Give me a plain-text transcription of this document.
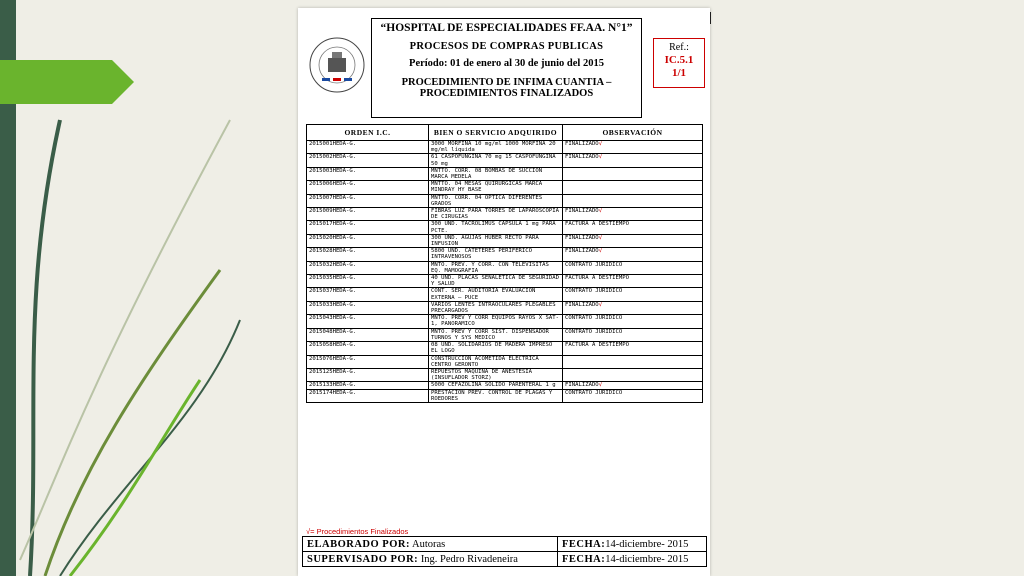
“HOSPITAL DE ESPECIALIDADES FF.AA. N°1”
PROCESOS DE COMPRAS PUBLICAS
Período: 01 de enero al 30 de junio del 2015
PROCEDIMIENTO DE INFIMA CUANTIA –
PROCEDIMIENTOS FINALIZADOS
Ref.:
IC.5.1
1/1
ORDEN I.C.	BIEN O SERVICIO ADQUIRIDO	OBSERVACIÓN
2015001HEDA-G.	3000 MORFINA 10 mg/ml 1000 MORFINA 20 mg/ml líquida	FINALIZADO√
2015002HEDA-G.	61 CASPOFUNGINA 70 mg 15 CASPOFUNGINA 50 mg	FINALIZADO√
2015003HEDA-G.	MNTTO. CORR. 08 BOMBAS DE SUCCION MARCA MEDELA	
2015006HEDA-G.	MNTTO. 04 MESAS QUIRURGICAS MARCA MINDRAY HY BASE	
2015007HEDA-G.	MNTTO. CORR. 04 OPTICA DIFERENTES GRADOS	
2015009HEDA-G.	FIBRAS LUZ PARA TORRES DE LAPAROSCOPIA DE CIRUGIAS	FINALIZADO√
2015017HEDA-G.	300 UND. TACROLIMUS CAPSULA 1 mg PARA PCTE.	FACTURA A DESTIEMPO
2015020HEDA-G.	300 UND. AGUJAS HUBER RECTO PARA INFUSION	FINALIZADO√
2015028HEDA-G.	5800 UND. CATETERES PERIFERICO INTRAVENOSOS	FINALIZADO√
2015032HEDA-G.	MNTO. PREV. Y CORR. CON TELEVISITAS EQ. MAMOGRAFIA	CONTRATO JURIDICO
2015035HEDA-G.	40 UND. PLACAS SEÑALETICA DE SEGURIDAD Y SALUD	FACTURA A DESTIEMPO
2015037HEDA-G.	CONT. SER. AUDITORIA EVALUACION EXTERNA – PUCE	CONTRATO JURIDICO
2015033HEDA-G.	VARIOS LENTES INTRAOCULARES PLEGABLES PRECARGADOS	FINALIZADO√
2015043HEDA-G.	MNTO. PREV Y CORR EQUIPOS RAYOS X SAT-1, PANORAMICO	CONTRATO JURIDICO
2015048HEDA-G.	MNTO. PREV Y CORR SIST. DISPENSADOR TURNOS Y SYS MEDICO	CONTRATO JURIDICO
2015058HEDA-G.	08 UND. SOLIDARIOS DE MADERA IMPRESO EL LOGO	FACTURA A DESTIEMPO
2015076HEDA-G.	CONSTRUCCION ACOMETIDA ELECTRICA CENTRO GERONTO	
2015125HEDA-G.	REPUESTOS MAQUINA DE ANESTESIA (INSUFLADOR STORZ)	
2015133HEDA-G.	5000 CEFAZOLINA SOLIDO PARENTERAL 1 g	FINALIZADO√
2015174HEDA-G.	PRESTACION PREV. CONTROL DE PLAGAS Y ROEDORES	CONTRATO JURIDICO
√= Procedimientos Finalizados
ELABORADO POR: Autoras	FECHA:14-diciembre- 2015
SUPERVISADO POR: Ing. Pedro Rivadeneira	FECHA:14-diciembre- 2015
